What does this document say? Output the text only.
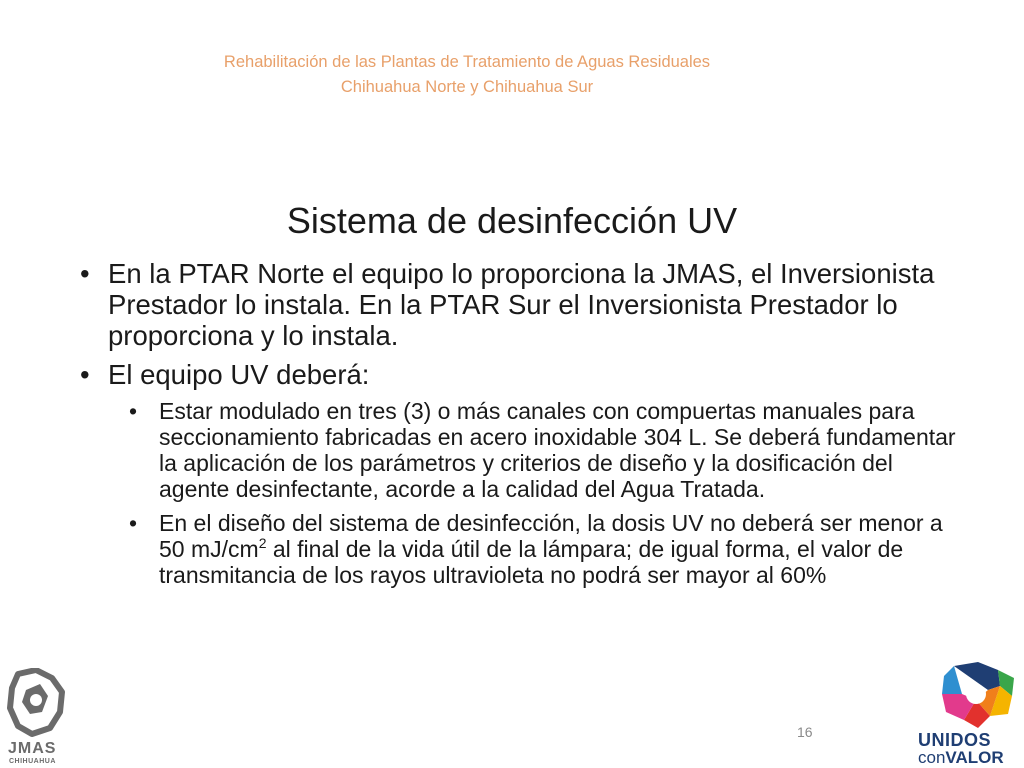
Rehabilitación de las Plantas de Tratamiento de Aguas Residuales
Chihuahua Norte y Chihuahua Sur
Sistema de desinfección UV
• En la PTAR Norte el equipo lo proporciona la JMAS, el Inversionista Prestador lo instala. En la PTAR Sur el Inversionista Prestador lo proporciona y lo instala.
• El equipo UV deberá:
• Estar modulado en tres (3) o más canales con compuertas manuales para seccionamiento fabricadas en acero inoxidable 304 L. Se deberá fundamentar la aplicación de los parámetros y criterios de diseño y la dosificación del agente desinfectante, acorde a la calidad del Agua Tratada.
• En el diseño del sistema de desinfección, la dosis UV no deberá ser menor a 50 $mJ/cm^2$ al final de la vida útil de la lámpara; de igual forma, el valor de transmitancia de los rayos ultravioleta no podrá ser mayor al 60%
16
JMAS
CHIHUAHUA
UNIDOS
conVALOR
